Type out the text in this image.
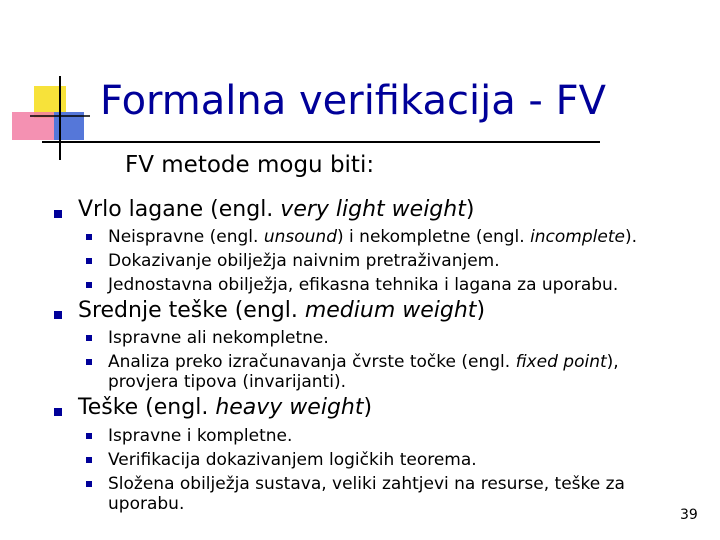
Formalna verifikacija - FV
FV metode mogu biti:
Vrlo lagane (engl. very light weight)
Neispravne (engl. unsound) i nekompletne (engl. incomplete).
Dokazivanje obilježja naivnim pretraživanjem.
Jednostavna obilježja, efikasna tehnika i lagana za uporabu.
Srednje teške (engl. medium weight)
Ispravne ali nekompletne.
Analiza preko izračunavanja čvrste točke (engl. fixed point),
provjera tipova (invarijanti).
Teške (engl. heavy weight)
Ispravne i kompletne.
Verifikacija dokazivanjem logičkih teorema.
Složena obilježja sustava, veliki zahtjevi na resurse, teške za
uporabu.
39
